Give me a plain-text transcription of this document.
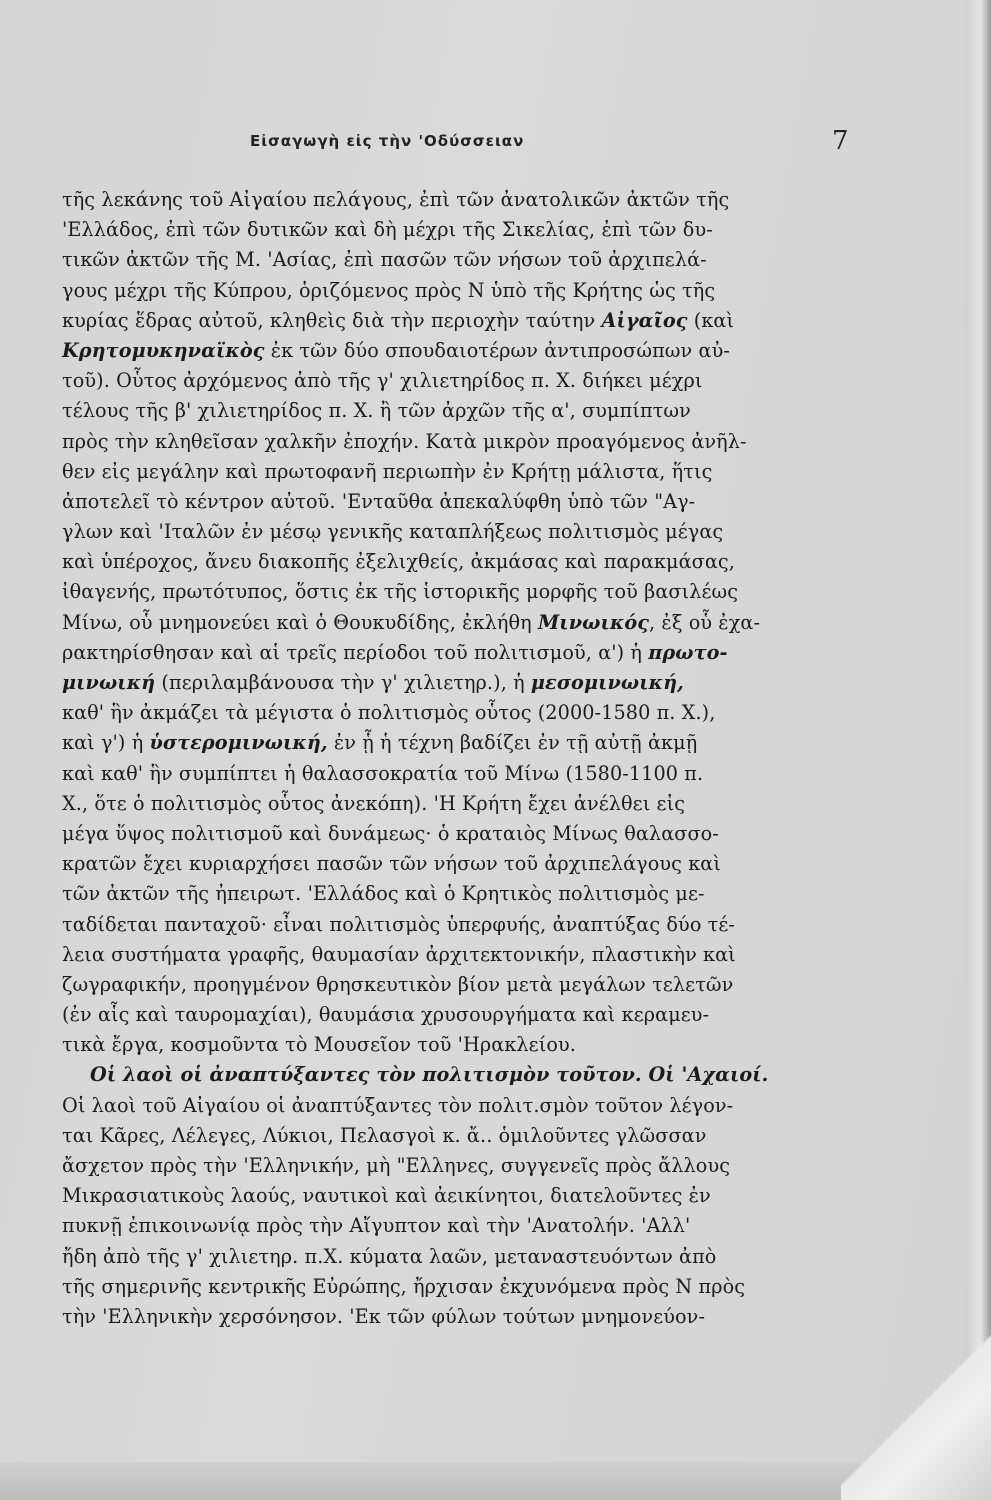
Εἰσαγωγὴ εἰς τὴν 'Οδύσσειαν	7
τῆς λεκάνης τοῦ Αἰγαίου πελάγους, ἐπὶ τῶν ἀνατολικῶν ἀκτῶν τῆς
'Ελλάδος, ἐπὶ τῶν δυτικῶν καὶ δὴ μέχρι τῆς Σικελίας, ἐπὶ τῶν δυ-
τικῶν ἀκτῶν τῆς Μ. 'Ασίας, ἐπὶ πασῶν τῶν νήσων τοῦ ἀρχιπελά-
γους μέχρι τῆς Κύπρου, ὁριζόμενος πρὸς Ν ὑπὸ τῆς Κρήτης ὡς τῆς
κυρίας ἕδρας αὐτοῦ, κληθεὶς διὰ τὴν περιοχὴν ταύτην Αἰγαῖος (καὶ
Κρητομυκηναϊκὸς ἐκ τῶν δύο σπουδαιοτέρων ἀντιπροσώπων αὐ-
τοῦ). Οὗτος ἀρχόμενος ἀπὸ τῆς γ' χιλιετηρίδος π. Χ. διήκει μέχρι
τέλους τῆς β' χιλιετηρίδος π. Χ. ἢ τῶν ἀρχῶν τῆς α', συμπίπτων
πρὸς τὴν κληθεῖσαν χαλκῆν ἐποχήν. Κατὰ μικρὸν προαγόμενος ἀνῆλ-
θεν εἰς μεγάλην καὶ πρωτοφανῆ περιωπὴν ἐν Κρήτῃ μάλιστα, ἥτις
ἀποτελεῖ τὸ κέντρον αὐτοῦ. 'Ενταῦθα ἀπεκαλύφθη ὑπὸ τῶν "Αγ-
γλων καὶ 'Ιταλῶν ἐν μέσῳ γενικῆς καταπλήξεως πολιτισμὸς μέγας
καὶ ὑπέροχος, ἄνευ διακοπῆς ἐξελιχθείς, ἀκμάσας καὶ παρακμάσας,
ἰθαγενής, πρωτότυπος, ὅστις ἐκ τῆς ἱστορικῆς μορφῆς τοῦ βασιλέως
Μίνω, οὗ μνημονεύει καὶ ὁ Θουκυδίδης, ἐκλήθη Μινωικός, ἐξ οὗ ἐχα-
ρακτηρίσθησαν καὶ αἱ τρεῖς περίοδοι τοῦ πολιτισμοῦ, α') ἡ πρωτο-
μινωική (περιλαμβάνουσα τὴν γ' χιλιετηρ.), ἡ μεσομινωική,
καθ' ἣν ἀκμάζει τὰ μέγιστα ὁ πολιτισμὸς οὗτος (2000-1580 π. Χ.),
καὶ γ') ἡ ὑστερομινωική, ἐν ᾗ ἡ τέχνη βαδίζει ἐν τῇ αὐτῇ ἀκμῇ
καὶ καθ' ἣν συμπίπτει ἡ θαλασσοκρατία τοῦ Μίνω (1580-1100 π.
Χ., ὅτε ὁ πολιτισμὸς οὗτος ἀνεκόπη). 'Η Κρήτη ἔχει ἀνέλθει εἰς
μέγα ὕψος πολιτισμοῦ καὶ δυνάμεως· ὁ κραταιὸς Μίνως θαλασσο-
κρατῶν ἔχει κυριαρχήσει πασῶν τῶν νήσων τοῦ ἀρχιπελάγους καὶ
τῶν ἀκτῶν τῆς ἠπειρωτ. 'Ελλάδος καὶ ὁ Κρητικὸς πολιτισμὸς με-
ταδίδεται πανταχοῦ· εἶναι πολιτισμὸς ὑπερφυής, ἀναπτύξας δύο τέ-
λεια συστήματα γραφῆς, θαυμασίαν ἀρχιτεκτονικήν, πλαστικὴν καὶ
ζωγραφικήν, προηγμένον θρησκευτικὸν βίον μετὰ μεγάλων τελετῶν
(ἐν αἷς καὶ ταυρομαχίαι), θαυμάσια χρυσουργήματα καὶ κεραμευ-
τικὰ ἔργα, κοσμοῦντα τὸ Μουσεῖον τοῦ 'Ηρακλείου.
Οἱ λαοὶ οἱ ἀναπτύξαντες τὸν πολιτισμὸν τοῦτον. Οἱ 'Αχαιοί.
Οἱ λαοὶ τοῦ Αἰγαίου οἱ ἀναπτύξαντες τὸν πολιτ.σμὸν τοῦτον λέγον-
ται Κᾶρες, Λέλεγες, Λύκιοι, Πελασγοὶ κ. ἄ.. ὁμιλοῦντες γλῶσσαν
ἄσχετον πρὸς τὴν 'Ελληνικήν, μὴ "Ελληνες, συγγενεῖς πρὸς ἄλλους
Μικρασιατικοὺς λαούς, ναυτικοὶ καὶ ἀεικίνητοι, διατελοῦντες ἐν
πυκνῇ ἐπικοινωνίᾳ πρὸς τὴν Αἴγυπτον καὶ τὴν 'Ανατολήν. 'Αλλ'
ἤδη ἀπὸ τῆς γ' χιλιετηρ. π.Χ. κύματα λαῶν, μεταναστευόντων ἀπὸ
τῆς σημερινῆς κεντρικῆς Εὐρώπης, ἤρχισαν ἐκχυνόμενα πρὸς Ν πρὸς
τὴν 'Ελληνικὴν χερσόνησον. 'Εκ τῶν φύλων τούτων μνημονεύον-
